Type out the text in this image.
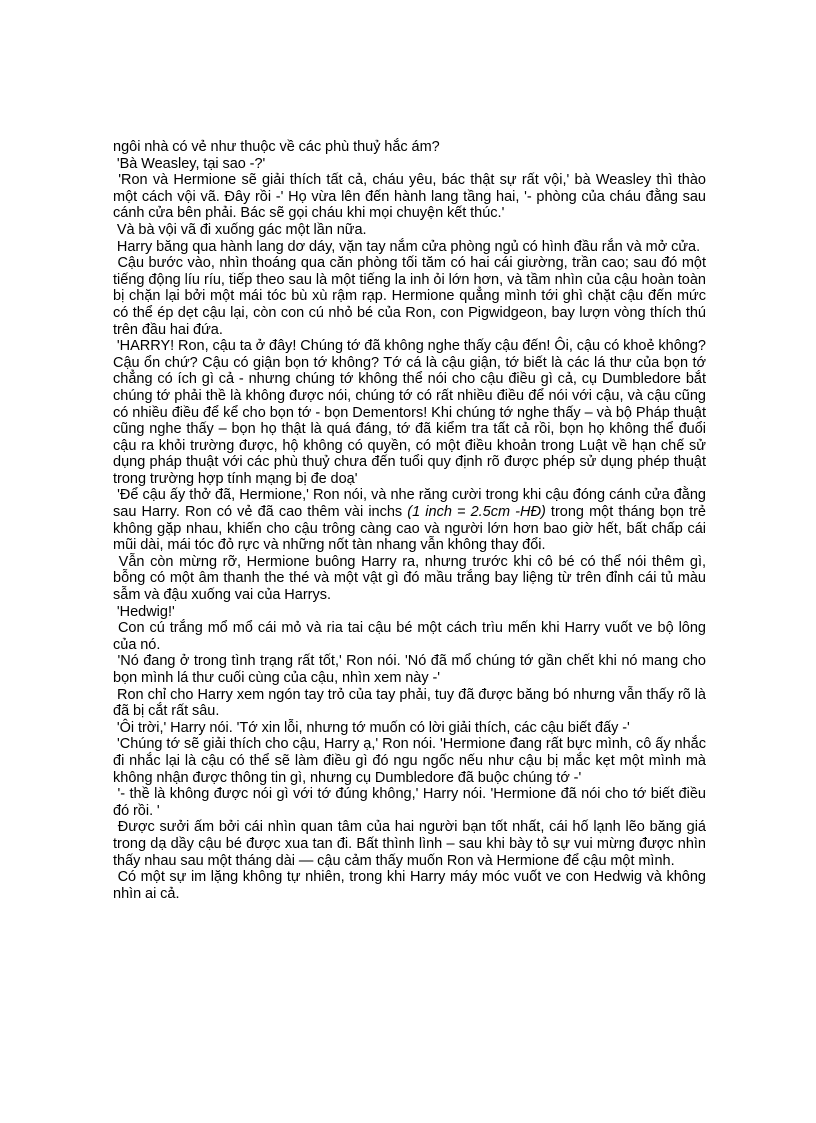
ngôi nhà có vẻ như thuộc về các phù thuỷ hắc ám?

'Bà Weasley, tại sao -?'

'Ron và Hermione sẽ giải thích tất cả, cháu yêu, bác thật sự rất vội,' bà Weasley thì thào một cách vội vã. Đây rồi -' Họ vừa lên đến hành lang tầng hai, '- phòng của cháu đằng sau cánh cửa bên phải. Bác sẽ gọi cháu khi mọi chuyện kết thúc.'

Và bà vội vã đi xuống gác một lần nữa.

Harry băng qua hành lang dơ dáy, vặn tay nắm cửa phòng ngủ có hình đầu rắn và mở cửa.

Cậu bước vào, nhìn thoáng qua căn phòng tối tăm có hai cái giường, trần cao; sau đó một tiếng động líu ríu, tiếp theo sau là một tiếng la inh ỏi lớn hơn, và tầm nhìn của cậu hoàn toàn bị chặn lại bởi một mái tóc bù xù rậm rạp. Hermione quẳng mình tới ghì chặt cậu đến mức có thể ép dẹt cậu lại, còn con cú nhỏ bé của Ron, con Pigwidgeon, bay lượn vòng thích thú trên đầu hai đứa.

'HARRY! Ron, cậu ta ở đây! Chúng tớ đã không nghe thấy cậu đến! Ôi, cậu có khoẻ không? Cậu ổn chứ? Cậu có giận bọn tớ không? Tớ cá là cậu giận, tớ biết là các lá thư của bọn tớ chẳng có ích gì cả - nhưng chúng tớ không thể nói cho cậu điều gì cả, cụ Dumbledore bắt chúng tớ phải thề là không được nói, chúng tớ có rất nhiều điều để nói với cậu, và cậu cũng có nhiều điều để kể cho bọn tớ - bọn Dementors! Khi chúng tớ nghe thấy – và bộ Pháp thuật cũng nghe thấy – bọn họ thật là quá đáng, tớ đã kiểm tra tất cả rồi, bọn họ không thể đuổi cậu ra khỏi trường được, hộ không có quyền, có một điều khoản trong Luật về hạn chế sử dụng pháp thuật với các phù thuỷ chưa đến tuổi quy định rõ được phép sử dụng phép thuật trong trường hợp tính mạng bị đe doạ'

'Để cậu ấy thở đã, Hermione,' Ron nói, và nhe răng cười trong khi cậu đóng cánh cửa đằng sau Harry. Ron có vẻ đã cao thêm vài inchs (1 inch = 2.5cm -HĐ) trong một tháng bọn trẻ không gặp nhau, khiến cho cậu trông càng cao và người lớn hơn bao giờ hết, bất chấp cái mũi dài, mái tóc đỏ rực và những nốt tàn nhang vẫn không thay đổi.

Vẫn còn mừng rỡ, Hermione buông Harry ra, nhưng trước khi cô bé có thể nói thêm gì, bỗng có một âm thanh the thé và một vật gì đó mầu trắng bay liệng từ trên đỉnh cái tủ màu sẫm và đậu xuống vai của Harrys.

'Hedwig!'

Con cú trắng mổ mổ cái mỏ và ria tai cậu bé một cách trìu mến khi Harry vuốt ve bộ lông của nó.

'Nó đang ở trong tình trạng rất tốt,' Ron nói. 'Nó đã mổ chúng tớ gần chết khi nó mang cho bọn mình lá thư cuối cùng của cậu, nhìn xem này -'

Ron chỉ cho Harry xem ngón tay trỏ của tay phải, tuy đã được băng bó nhưng vẫn thấy rõ là đã bị cắt rất sâu.

'Ôi trời,' Harry nói. 'Tớ xin lỗi, nhưng tớ muốn có lời giải thích, các cậu biết đấy -'

'Chúng tớ sẽ giải thích cho cậu, Harry ạ,' Ron nói. 'Hermione đang rất bực mình, cô ấy nhắc đi nhắc lại là cậu có thể sẽ làm điều gì đó ngu ngốc nếu như cậu bị mắc kẹt một mình mà không nhận được thông tin gì, nhưng cụ Dumbledore đã buộc chúng tớ -'

'- thề là không được nói gì với tớ đúng không,' Harry nói. 'Hermione đã nói cho tớ biết điều đó rồi. '

Được sưởi ấm bởi cái nhìn quan tâm của hai người bạn tốt nhất, cái hố lạnh lẽo băng giá trong dạ dầy cậu bé được xua tan đi. Bất thình lình – sau khi bày tỏ sự vui mừng được nhìn thấy nhau sau một tháng dài — cậu cảm thấy muốn Ron và Hermione để cậu một mình.

Có một sự im lặng không tự nhiên, trong khi Harry máy móc vuốt ve con Hedwig và không nhìn ai cả.
